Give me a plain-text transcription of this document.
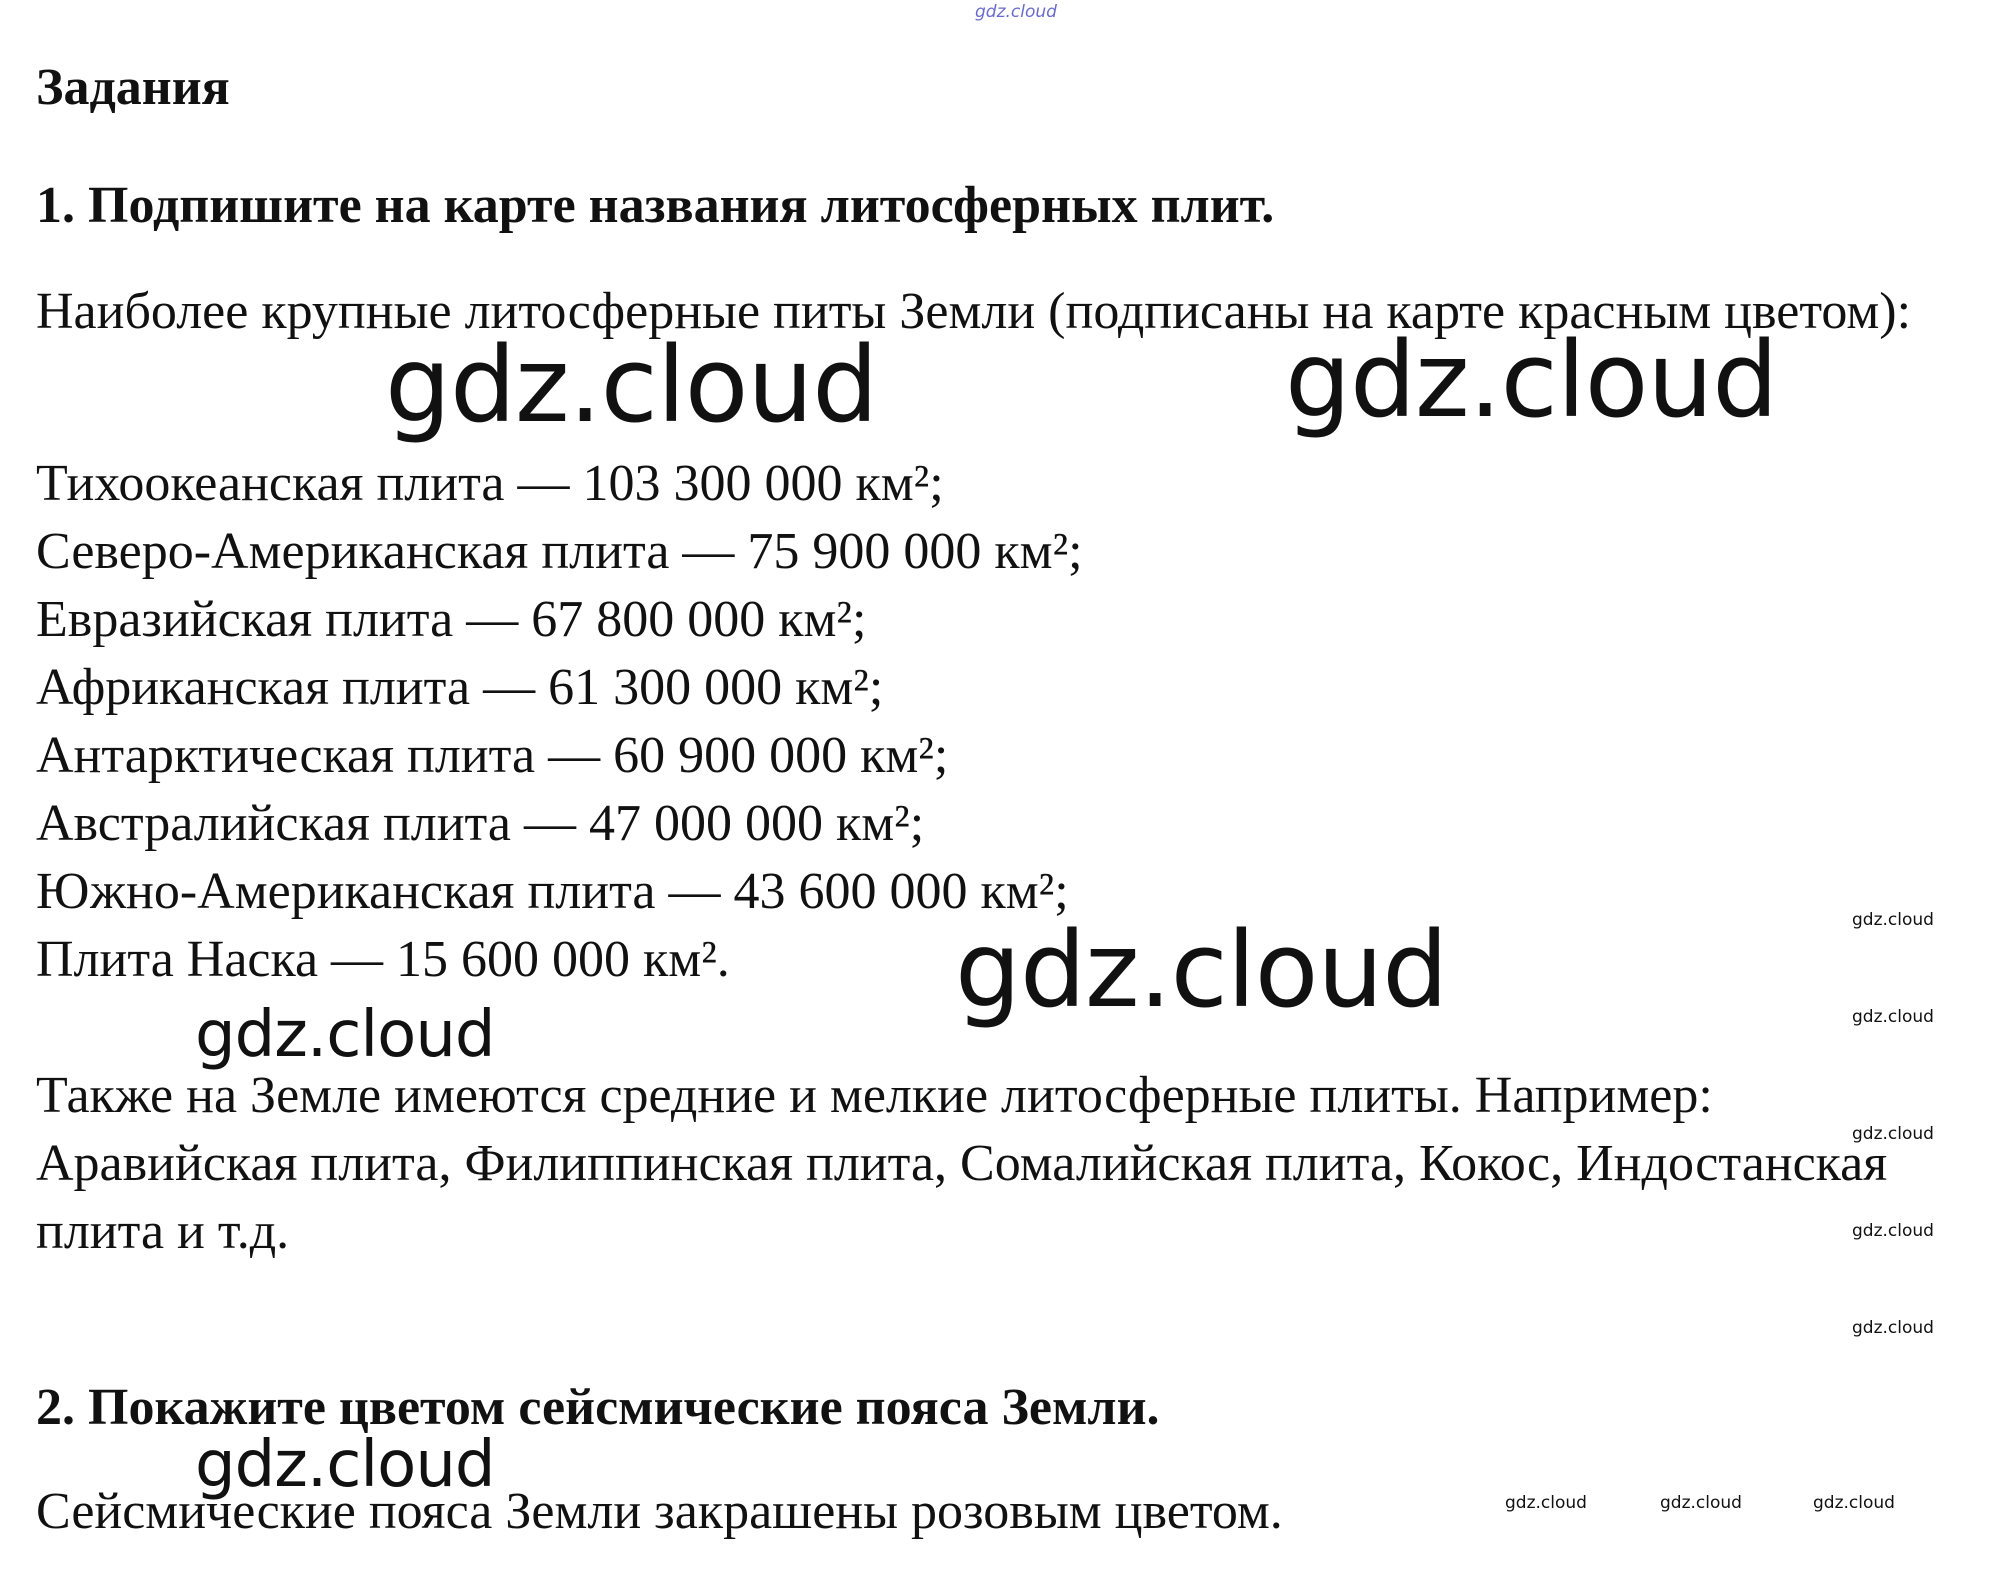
gdz.cloud
Задания
1. Подпишите на карте названия литосферных плит.
Наиболее крупные литосферные питы Земли (подписаны на карте красным цветом):
Тихоокеанская плита — 103 300 000 км²;
Северо-Американская плита — 75 900 000 км²;
Евразийская плита — 67 800 000 км²;
Африканская плита — 61 300 000 км²;
Антарктическая плита — 60 900 000 км²;
Австралийская плита — 47 000 000 км²;
Южно-Американская плита — 43 600 000 км²;
Плита Наска — 15 600 000 км².
Также на Земле имеются средние и мелкие литосферные плиты. Например: Аравийская плита, Филиппинская плита, Сомалийская плита, Кокос, Индостанская плита и т.д.
2. Покажите цветом сейсмические пояса Земли.
Сейсмические пояса Земли закрашены розовым цветом.
gdz.cloud	gdz.cloud
gdz.cloud
gdz.cloud
gdz.cloud
gdz.cloud
gdz.cloud
gdz.cloud
gdz.cloud
gdz.cloud
gdz.cloud	gdz.cloud	gdz.cloud
